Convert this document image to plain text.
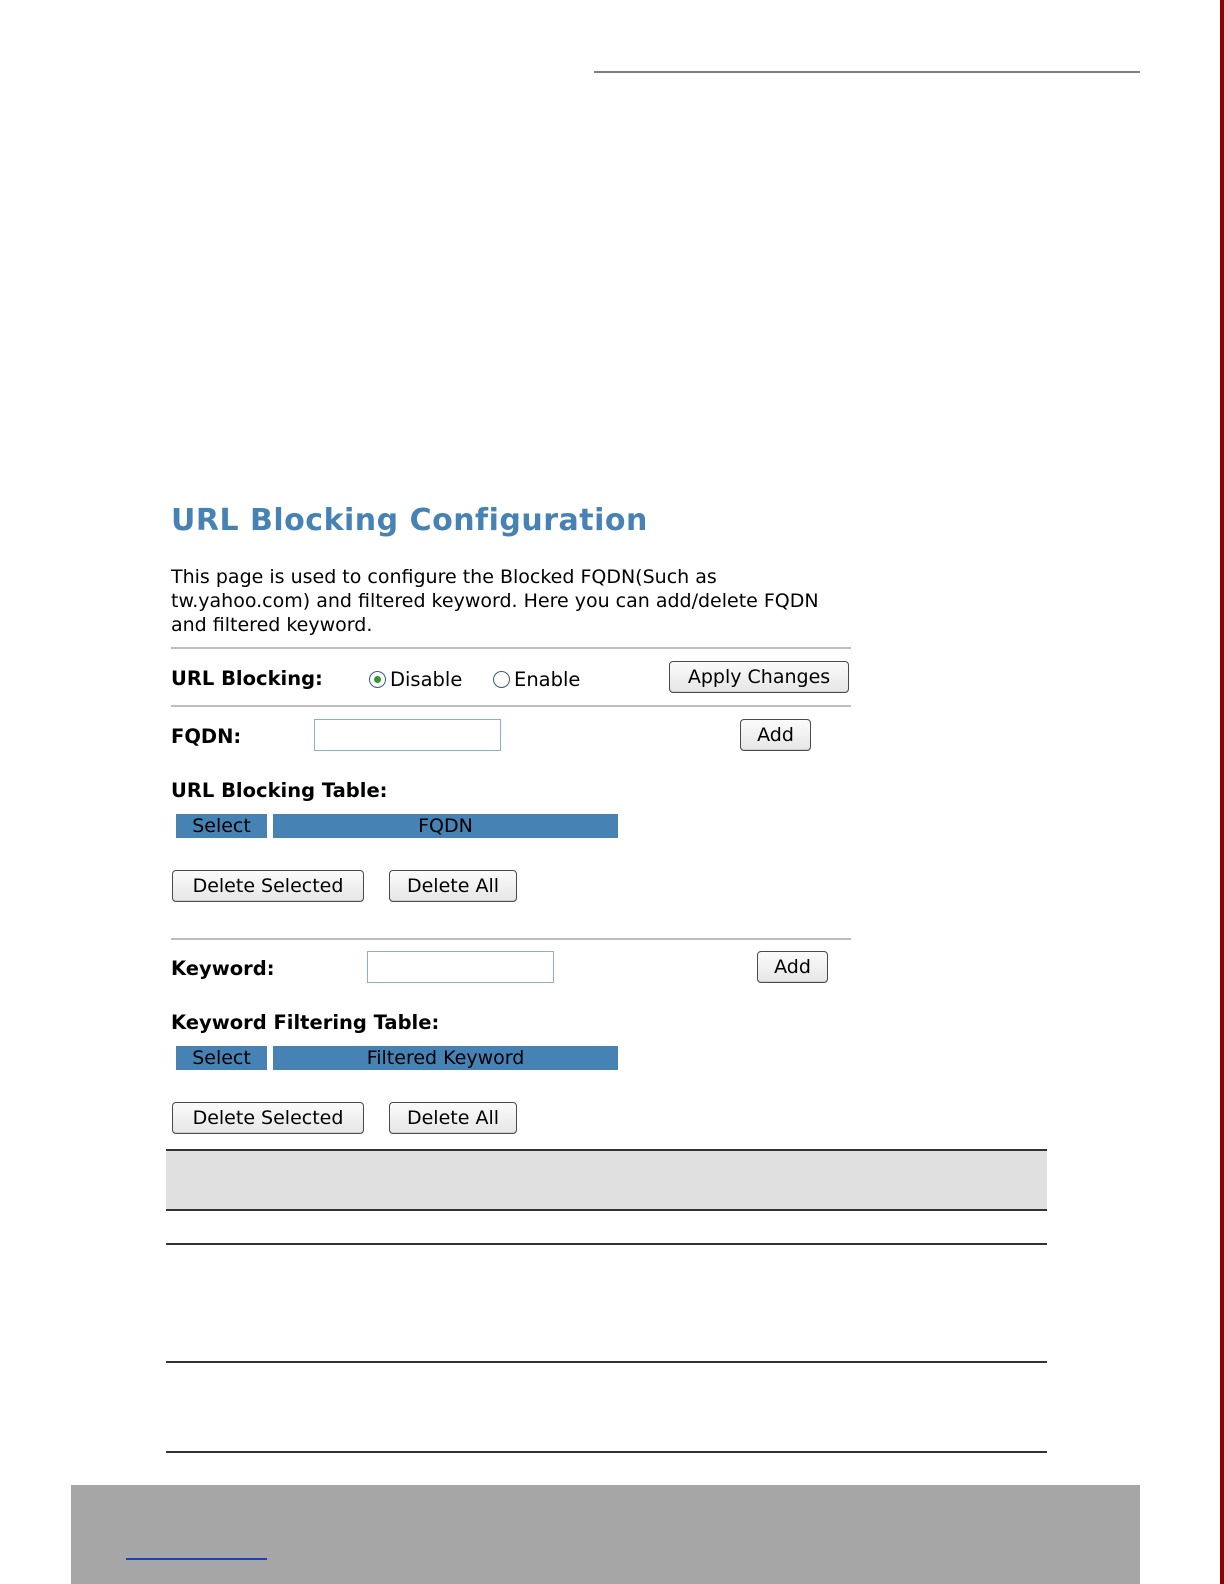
URL Blocking Configuration
This page is used to configure the Blocked FQDN(Such as tw.yahoo.com) and filtered keyword. Here you can add/delete FQDN and filtered keyword.
URL Blocking:	Disable	Enable	Apply Changes
FQDN:	Add
URL Blocking Table:
Select	FQDN
Delete Selected	Delete All
Keyword:	Add
Keyword Filtering Table:
Select	Filtered Keyword
Delete Selected	Delete All
